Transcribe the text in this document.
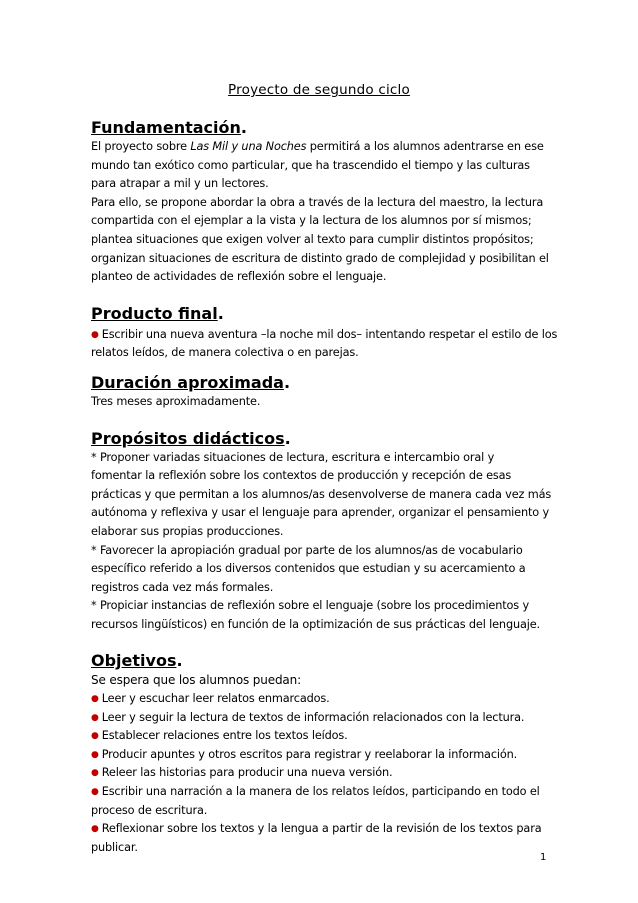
Proyecto de segundo ciclo

Fundamentación.

El proyecto sobre Las Mil y una Noches permitirá a los alumnos adentrarse en ese

mundo tan exótico como particular, que ha trascendido el tiempo y las culturas

para atrapar a mil y un lectores.

Para ello, se propone abordar la obra a través de la lectura del maestro, la lectura

compartida con el ejemplar a la vista y la lectura de los alumnos por sí mismos;

plantea situaciones que exigen volver al texto para cumplir distintos propósitos;

organizan situaciones de escritura de distinto grado de complejidad y posibilitan el

planteo de actividades de reflexión sobre el lenguaje.

Producto final.

● Escribir una nueva aventura –la noche mil dos– intentando respetar el estilo de los

relatos leídos, de manera colectiva o en parejas.

Duración aproximada.

Tres meses aproximadamente.

Propósitos didácticos.

* Proponer variadas situaciones de lectura, escritura e intercambio oral y

fomentar la reflexión sobre los contextos de producción y recepción de esas

prácticas y que permitan a los alumnos/as desenvolverse de manera cada vez más

autónoma y reflexiva y usar el lenguaje para aprender, organizar el pensamiento y

elaborar sus propias producciones.

* Favorecer la apropiación gradual por parte de los alumnos/as de vocabulario

específico referido a los diversos contenidos que estudian y su acercamiento a

registros cada vez más formales.

* Propiciar instancias de reflexión sobre el lenguaje (sobre los procedimientos y

recursos lingüísticos) en función de la optimización de sus prácticas del lenguaje.

Objetivos.

Se espera que los alumnos puedan:

● Leer y escuchar leer relatos enmarcados.

● Leer y seguir la lectura de textos de información relacionados con la lectura.

● Establecer relaciones entre los textos leídos.

● Producir apuntes y otros escritos para registrar y reelaborar la información.

● Releer las historias para producir una nueva versión.

● Escribir una narración a la manera de los relatos leídos, participando en todo el

proceso de escritura.

● Reflexionar sobre los textos y la lengua a partir de la revisión de los textos para

publicar.

1
